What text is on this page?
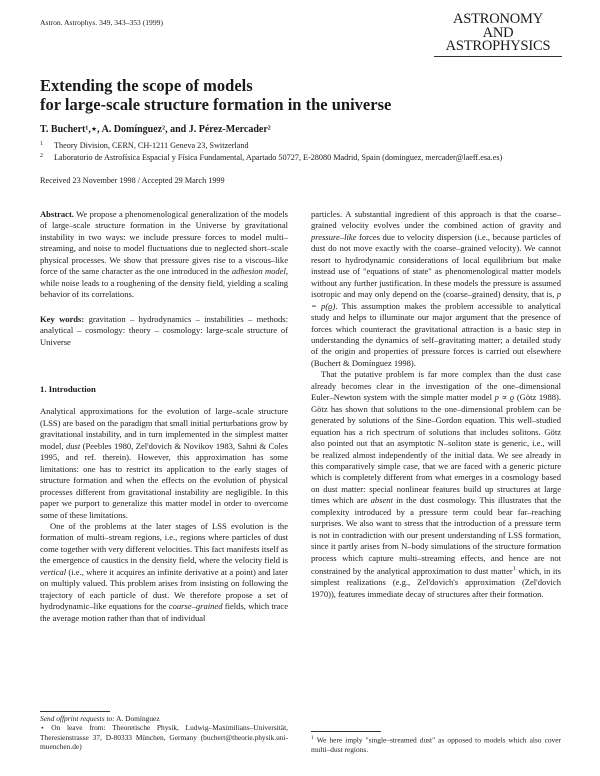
Astron. Astrophys. 349, 343–353 (1999)	ASTRONOMY
AND
ASTROPHYSICS
Extending the scope of models
for large-scale structure formation in the universe
T. Buchert¹,⋆, A. Domínguez², and J. Pérez-Mercader²
1 Theory Division, CERN, CH-1211 Geneva 23, Switzerland
2 Laboratorio de Astrofísica Espacial y Física Fundamental, Apartado 50727, E-28080 Madrid, Spain (dominguez, mercader@laeff.esa.es)
Received 23 November 1998 / Accepted 29 March 1999

Abstract. We propose a phenomenological generalization of the models of large–scale structure formation in the Universe by gravitational instability in two ways: we include pressure forces to model multi–streaming, and noise to model fluctuations due to neglected short–scale physical processes. We show that pressure gives rise to a viscous–like force of the same character as the one introduced in the adhesion model, while noise leads to a roughening of the density field, yielding a scaling behavior of its correlations.

Key words: gravitation – hydrodynamics – instabilities – methods: analytical – cosmology: theory – cosmology: large-scale structure of Universe

1. Introduction

Analytical approximations for the evolution of large–scale structure (LSS) are based on the paradigm that small initial perturbations grow by gravitational instability, and in turn implemented in the simplest matter model, dust (Peebles 1980, Zel'dovich & Novikov 1983, Sahni & Coles 1995, and ref. therein). However, this approximation has some limitations: one has to restrict its application to the early stages of structure formation and when the effects on the evolution of physical processes different from gravitational instability are negligible. In this paper we purport to generalize this matter model in order to overcome some of these limitations.

One of the problems at the later stages of LSS evolution is the formation of multi–stream regions, i.e., regions where particles of dust come together with very different velocities. This fact manifests itself as the emergence of caustics in the density field, where the velocity field is vertical (i.e., where it acquires an infinite derivative at a point) and later on multiply valued. This problem arises from insisting on following the trajectory of each particle of dust. We therefore propose a set of hydrodynamic–like equations for the coarse–grained fields, which trace the average motion rather than that of individual

Send offprint requests to: A. Domínguez

⋆ On leave from: Theoretische Physik, Ludwig–Maximilians–Universität, Theresienstrasse 37, D-80333 München, Germany (buchert@theorie.physik.uni-muenchen.de)

particles. A substantial ingredient of this approach is that the coarse–grained velocity evolves under the combined action of gravity and pressure–like forces due to velocity dispersion (i.e., because particles of dust do not move exactly with the coarse–grained velocity). We cannot resort to hydrodynamic considerations of local equilibrium but make instead use of "equations of state" as phenomenological matter models without any further justification. In these models the pressure is assumed isotropic and may only depend on the (coarse–grained) density, that is, p = p(ϱ). This assumption makes the problem accessible to analytical study and helps to illuminate our major argument that the presence of forces which counteract the gravitational attraction is a basic step in understanding the dynamics of self–gravitating matter; a detailed study of the origin and properties of pressure forces is carried out elsewhere (Buchert & Domínguez 1998).

That the putative problem is far more complex than the dust case already becomes clear in the investigation of the one–dimensional Euler–Newton system with the simple matter model p ∝ ϱ (Götz 1988). Götz has shown that solutions to the one–dimensional problem can be generated by solutions of the Sine–Gordon equation. This well–studied equation has a rich spectrum of solutions that includes solitons. Götz also pointed out that an asymptotic N–soliton state is generic, i.e., will be realized almost independently of the initial data. We see already in this comparatively simple case, that we are faced with a generic picture which is completely different from what emerges in a cosmology based on dust matter: special nonlinear features build up structures at large times which are absent in the dust cosmology. This illustrates that the complexity introduced by a pressure term could bear far–reaching surprises. We also want to stress that the introduction of a pressure term is not in contradiction with our present understanding of LSS formation, since it partly arises from N–body simulations of the structure formation process which capture multi–streaming effects, and hence are not constrained by the analytical approximation to dust matter$^1$ which, in its simplest realizations (e.g., Zel'dovich's approximation (Zel'dovich 1970)), features immediate decay of structures after their formation.

$^1$ We here imply "single–streamed dust" as opposed to models which also cover multi–dust regions.
